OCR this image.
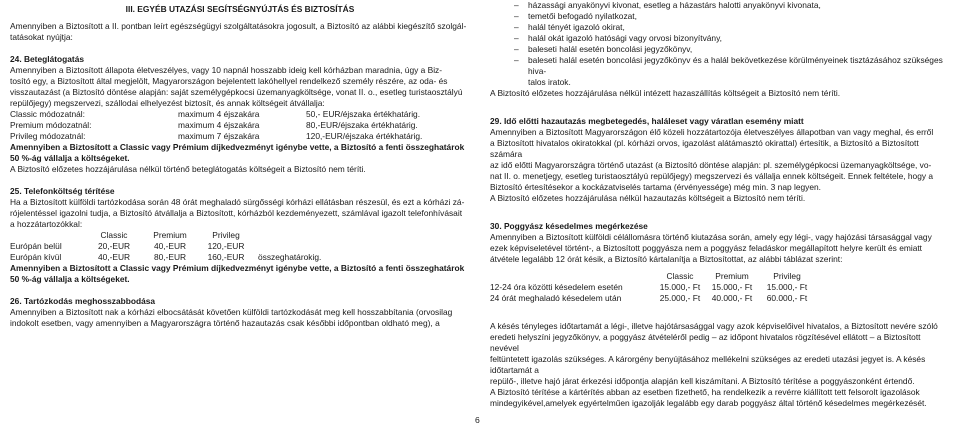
III. EGYÉB UTAZÁSI SEGÍTSÉGNYÚJTÁS ÉS BIZTOSÍTÁS
Amennyiben a Biztosított a II. pontban leírt egészségügyi szolgáltatásokra jogosult, a Biztosító az alábbi kiegészítő szolgál-
tatásokat nyújtja:
24. Beteglátogatás
Amennyiben a Biztosított állapota életveszélyes, vagy 10 napnál hosszabb ideig kell kórházban maradnia, úgy a Biz-
tosító egy, a Biztosított által megjelölt, Magyarországon bejelentett lakóhellyel rendelkező személy részére, az oda- és
visszautazást (a Biztosító döntése alapján: saját személygépkocsi üzemanyagköltsége, vonat II. o., esetleg turistaosztályú
repülőjegy) megszervezi, szállodai elhelyezést biztosít, és annak költségeit átvállalja:
Classic módozatnál:	maximum 4 éjszakára	50,- EUR/éjszaka értékhatárig.
Premium módozatnál:	maximum 4 éjszakára	80,-EUR/éjszaka értékhatárig.
Privileg módozatnál:	maximum 7 éjszakára	120,-EUR/éjszaka értékhatárig.
Amennyiben a Biztosított a Classic vagy Prémium díjkedvezményt igénybe vette, a Biztosító a fenti összeghatárok
50 %-ág vállalja a költségeket.
A Biztosító előzetes hozzájárulása nélkül történő beteglátogatás költségeit a Biztosító nem téríti.
25. Telefonköltség térítése
Ha a Biztosított külföldi tartózkodása során 48 órát meghaladó sürgősségi kórházi ellátásban részesül, és ezt a kórházi zá-
rójelentéssel igazolni tudja, a Biztosító átvállalja a Biztosított, kórházból kezdeményezett, számlával igazolt telefonhívásait
a hozzátartozókkal:
Classic	Premium	Privileg
Európán belül	20,-EUR	40,-EUR	120,-EUR
Európán kívül	40,-EUR	80,-EUR	160,-EUR	összeghatárokig.
Amennyiben a Biztosított a Classic vagy Prémium díjkedvezményt igénybe vette, a Biztosító a fenti összeghatárok
50 %-ág vállalja a költségeket.
26. Tartózkodás meghosszabbodása
Amennyiben a Biztosított nak a kórházi elbocsátását követően külföldi tartózkodását meg kell hosszabbítania (orvosilag
indokolt esetben, vagy amennyiben a Magyarországra történő hazautazás csak későbbi időpontban oldható meg), a
– házassági anyakönyvi kivonat, esetleg a házastárs halotti anyakönyvi kivonata,
– temetői befogadó nyilatkozat,
– halál tényét igazoló okirat,
– halál okát igazoló hatósági vagy orvosi bizonyítvány,
– baleseti halál esetén boncolási jegyzőkönyv,
– baleseti halál esetén boncolási jegyzőkönyv és a halál bekövetkezése körülményeinek tisztázásához szükséges hiva-
talos iratok.
A Biztosító előzetes hozzájárulása nélkül intézett hazaszállítás költségeit a Biztosító nem téríti.
29. Idő előtti hazautazás megbetegedés, haláleset vagy váratlan esemény miatt
Amennyiben a Biztosított Magyarországon élő közeli hozzátartozója életveszélyes állapotban van vagy meghal, és erről
a Biztosított hivatalos okiratokkal (pl. kórházi orvos, igazolást alátámasztó okirattal) értesítik, a Biztosító a Biztosított számára
az idő előtti Magyarországra történő utazást (a Biztosító döntése alapján: pl. személygépkocsi üzemanyagköltsége, vo-
nat II. o. menetjegy, esetleg turistaosztályú repülőjegy) megszervezi és vállalja ennek költségeit. Ennek feltétele, hogy a
Biztosító értesítésekor a kockázatviselés tartama (érvényessége) még min. 3 nap legyen.
A Biztosító előzetes hozzájárulása nélkül hazautazás költségeit a Biztosító nem téríti.
30. Poggyász késedelmes megérkezése
Amennyiben a Biztosított külföldi célállomásra történő kiutazása során, amely egy légi-, vagy hajózási társasággal vagy
ezek képviseletével történt-, a Biztosított poggyásza nem a poggyász feladáskor megállapított helyre került és emiatt
átvétele legalább 12 órát késik, a Biztosító kártalanítja a Biztosítottat, az alábbi táblázat szerint:
Classic	Premium	Privileg
12-24 óra közötti késedelem esetén	15.000,- Ft 15.000,- Ft	15.000,- Ft
24 órát meghaladó késedelem után	25.000,- Ft 40.000,- Ft	60.000,- Ft
A késés tényleges időtartamát a légi-, illetve hajótársasággal vagy azok képviselőivel hivatalos, a Biztosított nevére szóló
eredeti helyszíni jegyzőkönyv, a poggyász átvételéről pedig – az időpont hivatalos rögzítésével ellátott – a Biztosított nevével
feltüntetett igazolás szükséges. A károrgény benyújtásához mellékelni szükséges az eredeti utazási jegyet is. A késés időtartamát a
repülő-, illetve hajó járat érkezési időpontja alapján kell kiszámítani. A Biztosító térítése a poggyászonként értendő.
A Biztosító térítése a kártérítés abban az esetben fizethető, ha rendelkezik a revérre kiállított tett felsorolt igazolások
mindegyikével,amelyek egyértelműen igazolják legalább egy darab poggyász által történő késedelmes megérkezését.
6
